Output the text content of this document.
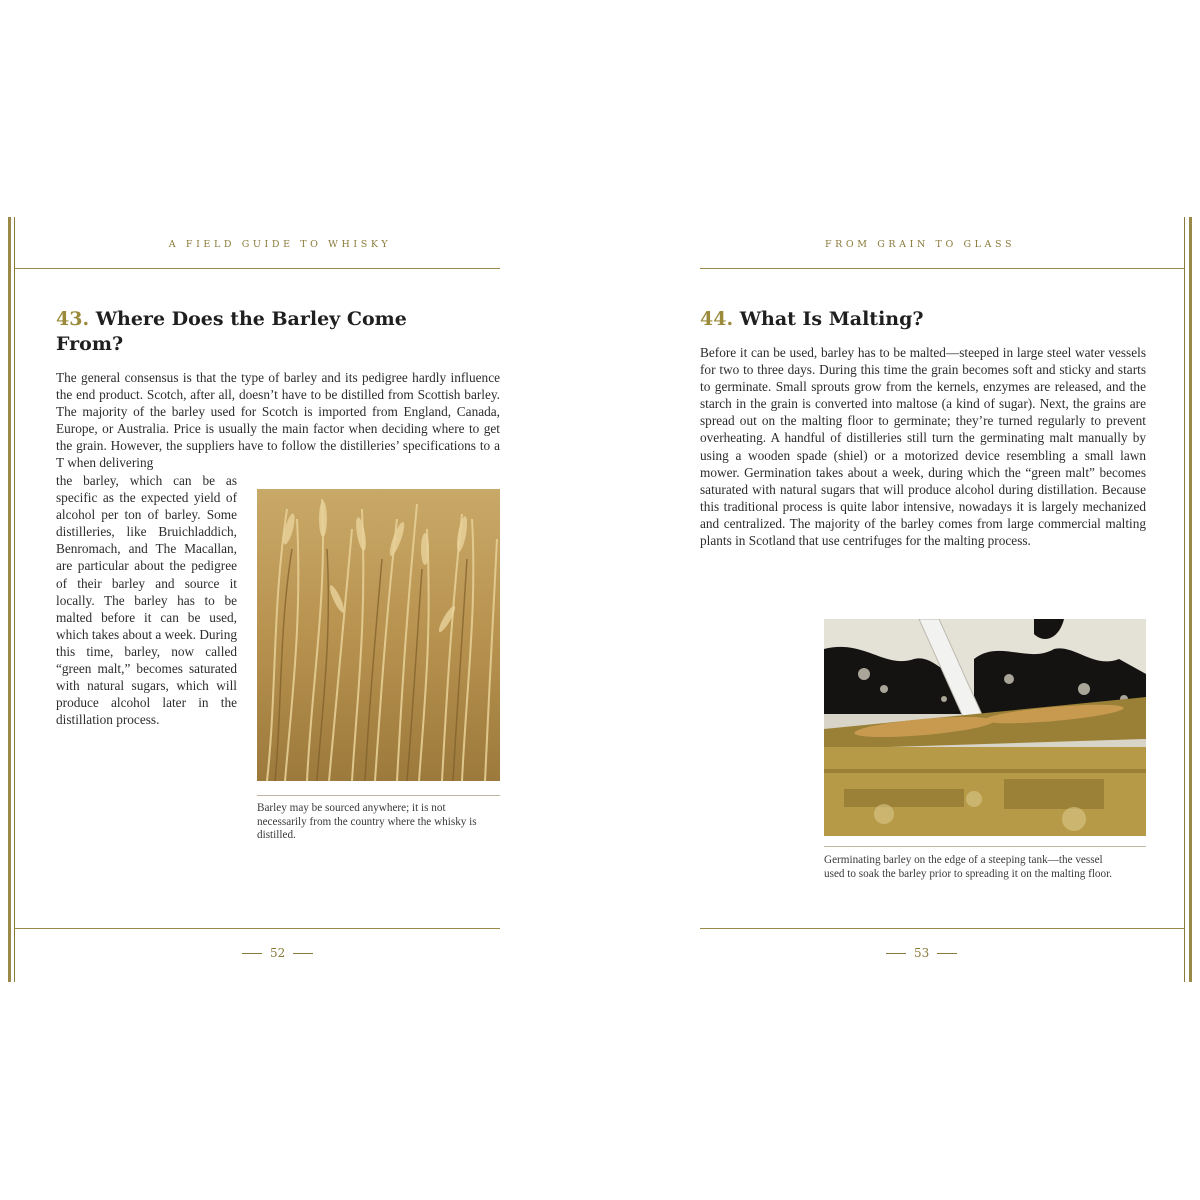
A FIELD GUIDE TO WHISKY
43. Where Does the Barley Come From?

The general consensus is that the type of barley and its pedigree hardly influence the end product. Scotch, after all, doesn’t have to be distilled from Scottish barley. The majority of the barley used for Scotch is imported from England, Canada, Europe, or Australia. Price is usually the main factor when deciding where to get the grain. However, the suppliers have to follow the distilleries’ specifications to a T when delivering

the barley, which can be as specific as the expected yield of alcohol per ton of barley. Some distilleries, like Bruichladdich, Benromach, and The Macallan, are particular about the pedigree of their barley and source it locally. The barley has to be malted before it can be used, which takes about a week. During this time, barley, now called “green malt,” becomes saturated with natural sugars, which will produce alcohol later in the distillation process.

Barley may be sourced anywhere; it is not necessarily from the country where the whisky is distilled.

52
FROM GRAIN TO GLASS
44. What Is Malting?

Before it can be used, barley has to be malted—steeped in large steel water vessels for two to three days. During this time the grain becomes soft and sticky and starts to germinate. Small sprouts grow from the kernels, enzymes are released, and the starch in the grain is converted into maltose (a kind of sugar). Next, the grains are spread out on the malting floor to germinate; they’re turned regularly to prevent overheating. A handful of distilleries still turn the germinating malt manually by using a wooden spade (shiel) or a motorized device resembling a small lawn mower. Germination takes about a week, during which the “green malt” becomes saturated with natural sugars that will produce alcohol during distillation. Because this traditional process is quite labor intensive, nowadays it is largely mechanized and centralized. The majority of the barley comes from large commercial malting plants in Scotland that use centrifuges for the malting process.

Germinating barley on the edge of a steeping tank—the vessel used to soak the barley prior to spreading it on the malting floor.

53
